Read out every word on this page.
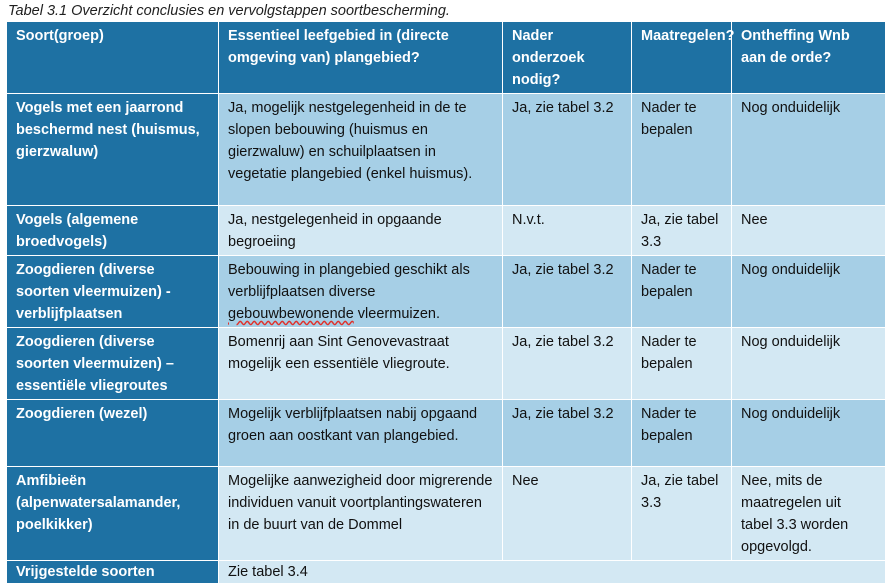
Tabel 3.1 Overzicht conclusies en vervolgstappen soortbescherming.
Soort(groep)	Essentieel leefgebied in (directe omgeving van) plangebied?	Nader onderzoek nodig?	Maatregelen?	Ontheffing Wnb aan de orde?
Vogels met een jaarrond beschermd nest (huismus, gierzwaluw)	Ja, mogelijk nestgelegenheid in de te slopen bebouwing (huismus en gierzwaluw) en schuilplaatsen in vegetatie plangebied (enkel huismus).	Ja, zie tabel 3.2	Nader te bepalen	Nog onduidelijk
Vogels (algemene broedvogels)	Ja, nestgelegenheid in opgaande begroeiing	N.v.t.	Ja, zie tabel 3.3	Nee
Zoogdieren (diverse soorten vleermuizen) - verblijfplaatsen	Bebouwing in plangebied geschikt als verblijfplaatsen diverse gebouwbewonende vleermuizen.	Ja, zie tabel 3.2	Nader te bepalen	Nog onduidelijk
Zoogdieren (diverse soorten vleermuizen) – essentiële vliegroutes	Bomenrij aan Sint Genovevastraat mogelijk een essentiële vliegroute.	Ja, zie tabel 3.2	Nader te bepalen	Nog onduidelijk
Zoogdieren (wezel)	Mogelijk verblijfplaatsen nabij opgaand groen aan oostkant van plangebied.	Ja, zie tabel 3.2	Nader te bepalen	Nog onduidelijk
Amfibieën (alpenwatersalamander, poelkikker)	Mogelijke aanwezigheid door migrerende individuen vanuit voortplantingswateren in de buurt van de Dommel	Nee	Ja, zie tabel 3.3	Nee, mits de maatregelen uit tabel 3.3 worden opgevolgd.
Vrijgestelde soorten	Zie tabel 3.4			
